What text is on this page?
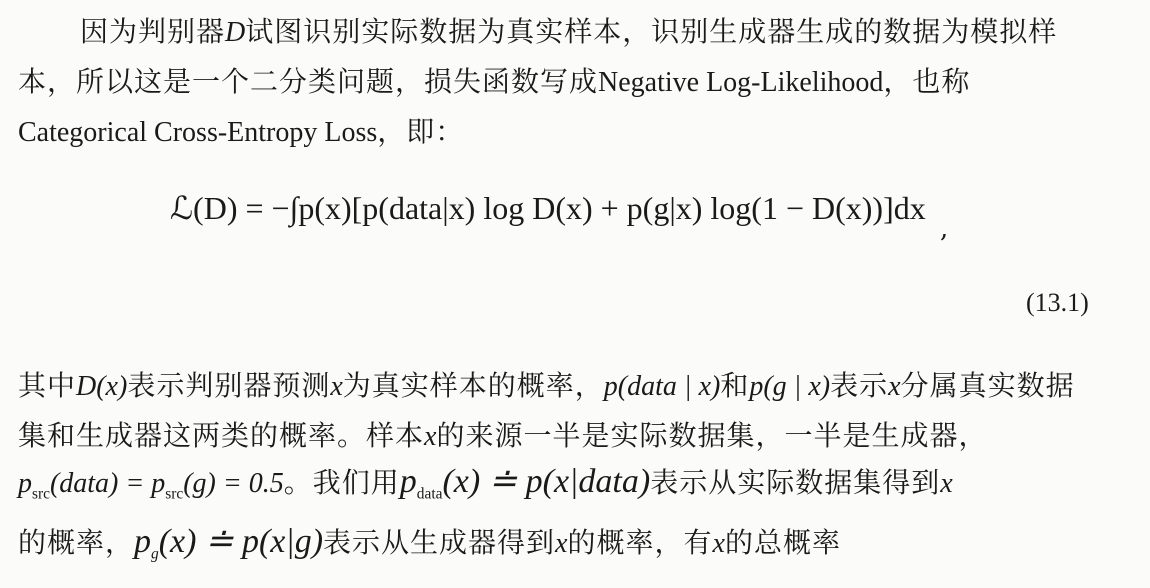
因为判别器D试图识别实际数据为真实样本，识别生成器生成的数据为模拟样
本，所以这是一个二分类问题，损失函数写成Negative Log-Likelihood，也称
Categorical Cross-Entropy Loss，即：
ℒ(D) = −∫p(x)[p(data|x) log D(x) + p(g|x) log(1 − D(x))]dx
,
(13.1)
其中D(x)表示判别器预测x为真实样本的概率，p(data | x)和p(g | x)表示x分属真实数据
集和生成器这两类的概率。样本x的来源一半是实际数据集，一半是生成器，
$p_{src}(data) = p_{src}(g) = 0.5$。我们用$p_{data}(x)$ ≐ p(x|data)表示从实际数据集得到x
的概率，$p_g(x)$ ≐ p(x|g)表示从生成器得到x的概率，有x的总概率
